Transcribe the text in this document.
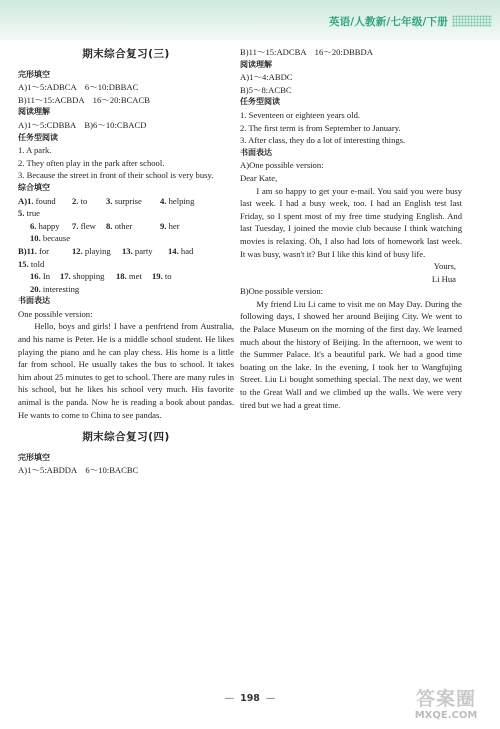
英语/人教新/七年级/下册
期末综合复习(三)
完形填空
A)1～5:ADBCA　6～10:DBBAC
B)11～15:ACBDA　16～20:BCACB
阅读理解
A)1～5:CDBBA　B)6～10:CBACD
任务型阅读
1. A park.
2. They often play in the park after school.
3. Because the street in front of their school is very busy.
综合填空
A)1. found	2. to	3. surprise	4. helping
5. true
6. happy	7. flew	8. other	9. her
10. because
B)11. for	12. playing	13. party	14. had
15. told
16. In	17. shopping	18. met	19. to
20. interesting
书面表达
One possible version:
Hello, boys and girls! I have a penfriend from Australia, and his name is Peter. He is a middle school student. He likes playing the piano and he can play chess. His home is a little far from school. He usually takes the bus to school. It takes him about 25 minutes to get to school. There are many rules in his school, but he likes his school very much. His favorite animal is the panda. Now he is reading a book about pandas. He wants to come to China to see pandas.
期末综合复习(四)
完形填空
A)1～5:ABDDA　6～10:BACBC
B)11～15:ADCBA　16～20:DBBDA
阅读理解
A)1～4:ABDC
B)5～8:ACBC
任务型阅读
1. Seventeen or eighteen years old.
2. The first term is from September to January.
3. After class, they do a lot of interesting things.
书面表达
A)One possible version:
Dear Kate,
I am so happy to get your e-mail. You said you were busy last week. I had a busy week, too. I had an English test last Friday, so I spent most of my free time studying English. And last Tuesday, I joined the movie club because I think watching movies is relaxing. Oh, I also had lots of homework last week. It was busy, wasn't it? But I like this kind of busy life.
Yours,
Li Hua
B)One possible version:
My friend Liu Li came to visit me on May Day. During the following days, I showed her around Beijing City. We went to the Palace Museum on the morning of the first day. We learned much about the history of Beijing. In the afternoon, we went to the Summer Palace. It's a beautiful park. We had a good time boating on the lake. In the evening, I took her to Wangfujing Street. Liu Li bought something special. The next day, we went to the Great Wall and we climbed up the walls. We were very tired but we had a great time.
— 198 —	答案圈
MXQE.COM
